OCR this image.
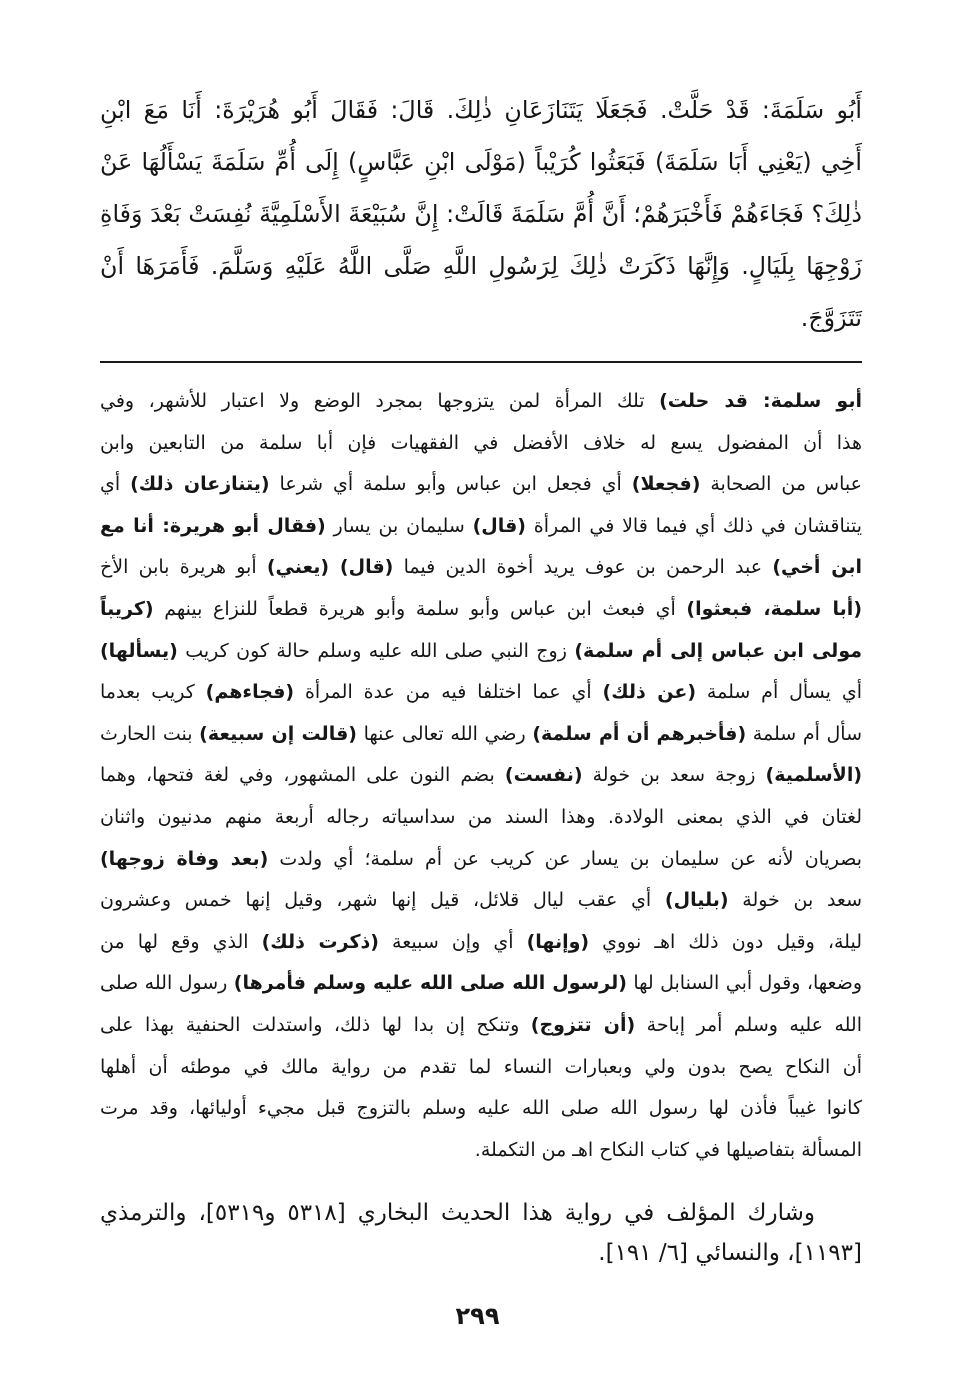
أَبُو سَلَمَةَ: قَدْ حَلَّتْ. فَجَعَلَا يَتَنَازَعَانِ ذٰلِكَ. قَالَ: فَقَالَ أَبُو هُرَيْرَةَ: أَنَا مَعَ ابْنِ
أَخِي (يَعْنِي أَبَا سَلَمَةَ) فَبَعَثُوا كُرَيْباً (مَوْلَى ابْنِ عَبَّاسٍ) إِلَى أُمِّ سَلَمَةَ يَسْأَلُهَا عَنْ
ذٰلِكَ؟ فَجَاءَهُمْ فَأَخْبَرَهُمْ؛ أَنَّ أُمَّ سَلَمَةَ قَالَتْ: إِنَّ سُبَيْعَةَ الأَسْلَمِيَّةَ نُفِسَتْ بَعْدَ وَفَاةِ
زَوْجِهَا بِلَيَالٍ. وَإِنَّهَا ذَكَرَتْ ذٰلِكَ لِرَسُولِ اللَّهِ صَلَّى اللَّهُ عَلَيْهِ وَسَلَّمَ. فَأَمَرَهَا أَنْ
تَتَزَوَّجَ.
أبو سلمة: قد حلت) تلك المرأة لمن يتزوجها بمجرد الوضع ولا اعتبار للأشهر، وفي
هذا أن المفضول يسع له خلاف الأفضل في الفقهيات فإن أبا سلمة من التابعين وابن
عباس من الصحابة (فجعلا) أي فجعل ابن عباس وأبو سلمة أي شرعا (يتنازعان ذلك) أي
يتناقشان في ذلك أي فيما قالا في المرأة (قال) سليمان بن يسار (فقال أبو هريرة: أنا مع
ابن أخي) عبد الرحمن بن عوف يريد أخوة الدين فيما (قال) (يعني) أبو هريرة بابن الأخ
(أبا سلمة، فبعثوا) أي فبعث ابن عباس وأبو سلمة وأبو هريرة قطعاً للنزاع بينهم (كريباً
مولى ابن عباس إلى أم سلمة) زوج النبي صلى الله عليه وسلم حالة كون كريب (يسألها)
أي يسأل أم سلمة (عن ذلك) أي عما اختلفا فيه من عدة المرأة (فجاءهم) كريب بعدما
سأل أم سلمة (فأخبرهم أن أم سلمة) رضي الله تعالى عنها (قالت إن سبيعة) بنت الحارث
(الأسلمية) زوجة سعد بن خولة (نفست) بضم النون على المشهور، وفي لغة فتحها، وهما
لغتان في الذي بمعنى الولادة. وهذا السند من سداسياته رجاله أربعة منهم مدنيون واثنان
بصريان لأنه عن سليمان بن يسار عن كريب عن أم سلمة؛ أي ولدت (بعد وفاة زوجها)
سعد بن خولة (بليال) أي عقب ليال قلائل، قيل إنها شهر، وقيل إنها خمس وعشرون
ليلة، وقيل دون ذلك اهـ نووي (وإنها) أي وإن سبيعة (ذكرت ذلك) الذي وقع لها من
وضعها، وقول أبي السنابل لها (لرسول الله صلى الله عليه وسلم فأمرها) رسول الله صلى
الله عليه وسلم أمر إباحة (أن تتزوج) وتنكح إن بدا لها ذلك، واستدلت الحنفية بهذا على
أن النكاح يصح بدون ولي وبعبارات النساء لما تقدم من رواية مالك في موطئه أن أهلها
كانوا غيباً فأذن لها رسول الله صلى الله عليه وسلم بالتزوج قبل مجيء أوليائها، وقد مرت
المسألة بتفاصيلها في كتاب النكاح اهـ من التكملة.
وشارك المؤلف في رواية هذا الحديث البخاري [٥٣١٨ و٥٣١٩]، والترمذي
[١١٩٣]، والنسائي [٦/ ١٩١].
٢٩٩
